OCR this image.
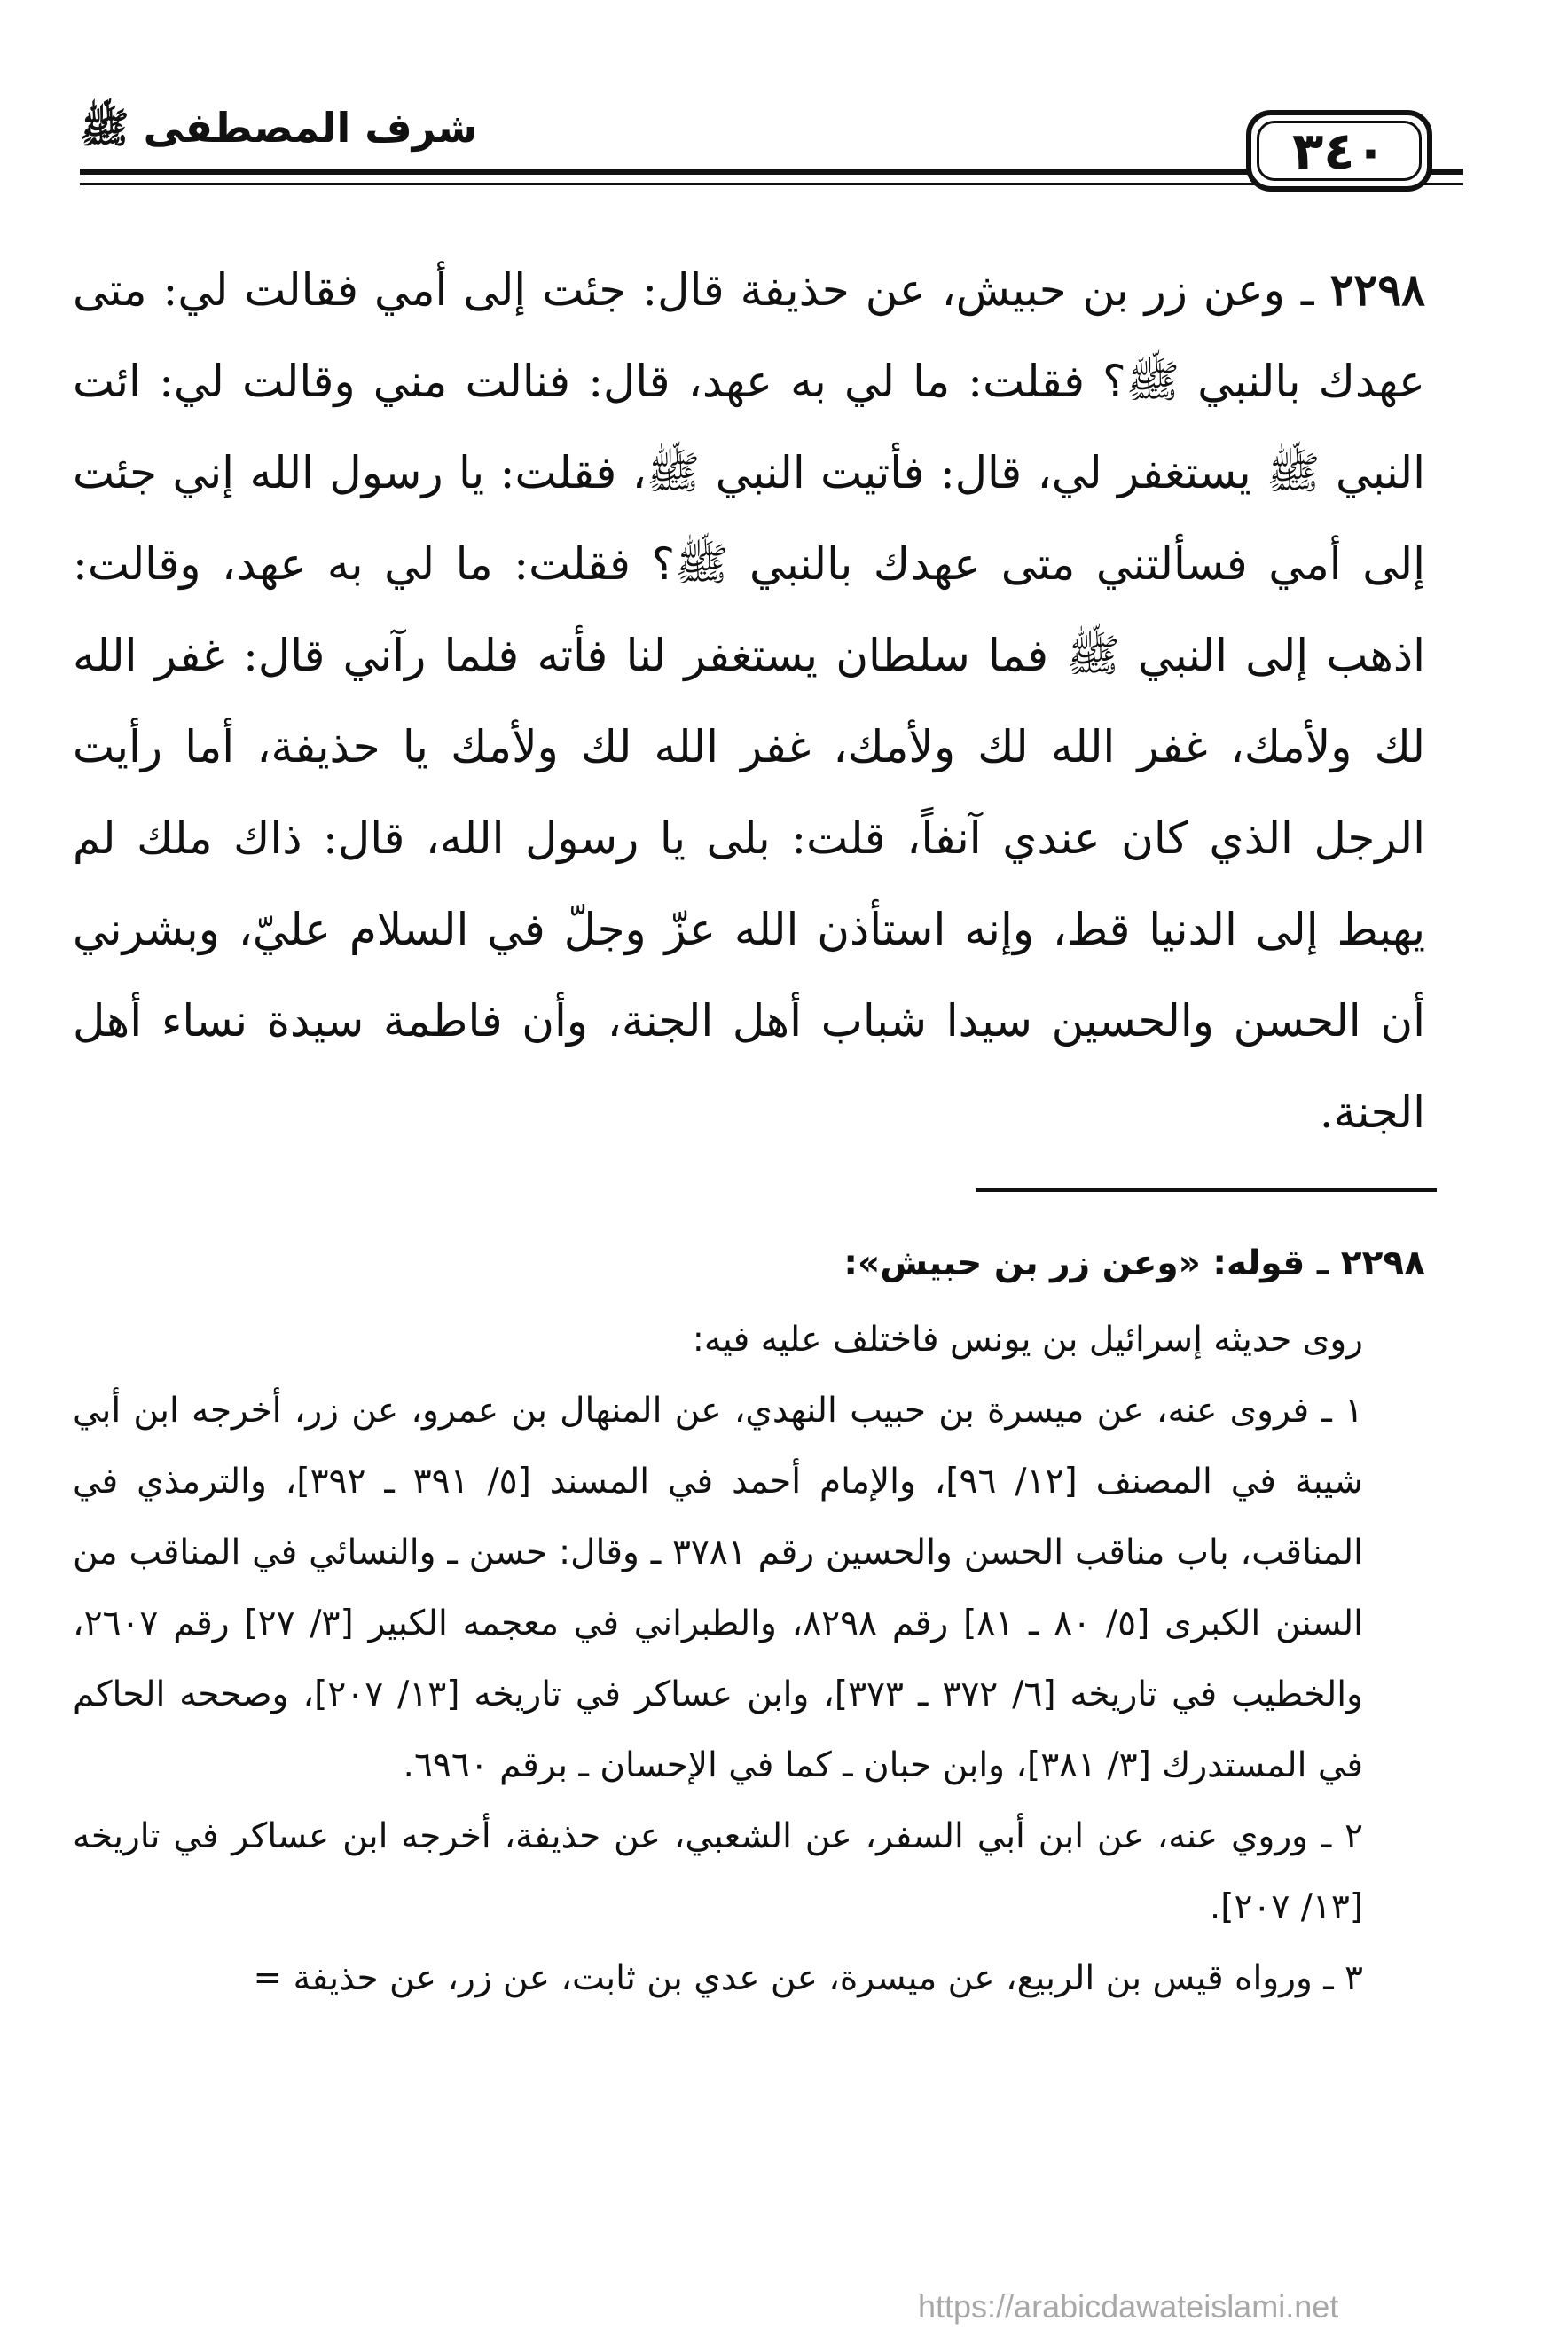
شرف المصطفى ﷺ	٣٤٠

٢٢٩٨ ـ وعن زر بن حبيش، عن حذيفة قال: جئت إلى أمي فقالت لي: متى عهدك بالنبي ﷺ؟ فقلت: ما لي به عهد، قال: فنالت مني وقالت لي: ائت النبي ﷺ يستغفر لي، قال: فأتيت النبي ﷺ، فقلت: يا رسول الله إني جئت إلى أمي فسألتني متى عهدك بالنبي ﷺ؟ فقلت: ما لي به عهد، وقالت: اذهب إلى النبي ﷺ فما سلطان يستغفر لنا فأته فلما رآني قال: غفر الله لك ولأمك، غفر الله لك ولأمك، غفر الله لك ولأمك يا حذيفة، أما رأيت الرجل الذي كان عندي آنفاً، قلت: بلى يا رسول الله، قال: ذاك ملك لم يهبط إلى الدنيا قط، وإنه استأذن الله عزّ وجلّ في السلام عليّ، وبشرني أن الحسن والحسين سيدا شباب أهل الجنة، وأن فاطمة سيدة نساء أهل الجنة.

٢٢٩٨ ـ قوله: «وعن زر بن حبيش»:

روى حديثه إسرائيل بن يونس فاختلف عليه فيه:

١ ـ فروى عنه، عن ميسرة بن حبيب النهدي، عن المنهال بن عمرو، عن زر، أخرجه ابن أبي شيبة في المصنف [١٢/ ٩٦]، والإمام أحمد في المسند [٥/ ٣٩١ ـ ٣٩٢]، والترمذي في المناقب، باب مناقب الحسن والحسين رقم ٣٧٨١ ـ وقال: حسن ـ والنسائي في المناقب من السنن الكبرى [٥/ ٨٠ ـ ٨١] رقم ٨٢٩٨، والطبراني في معجمه الكبير [٣/ ٢٧] رقم ٢٦٠٧، والخطيب في تاريخه [٦/ ٣٧٢ ـ ٣٧٣]، وابن عساكر في تاريخه [١٣/ ٢٠٧]، وصححه الحاكم في المستدرك [٣/ ٣٨١]، وابن حبان ـ كما في الإحسان ـ برقم ٦٩٦٠.

٢ ـ وروي عنه، عن ابن أبي السفر، عن الشعبي، عن حذيفة، أخرجه ابن عساكر في تاريخه [١٣/ ٢٠٧].

٣ ـ ورواه قيس بن الربيع، عن ميسرة، عن عدي بن ثابت، عن زر، عن حذيفة =

https://arabicdawateislami.net
